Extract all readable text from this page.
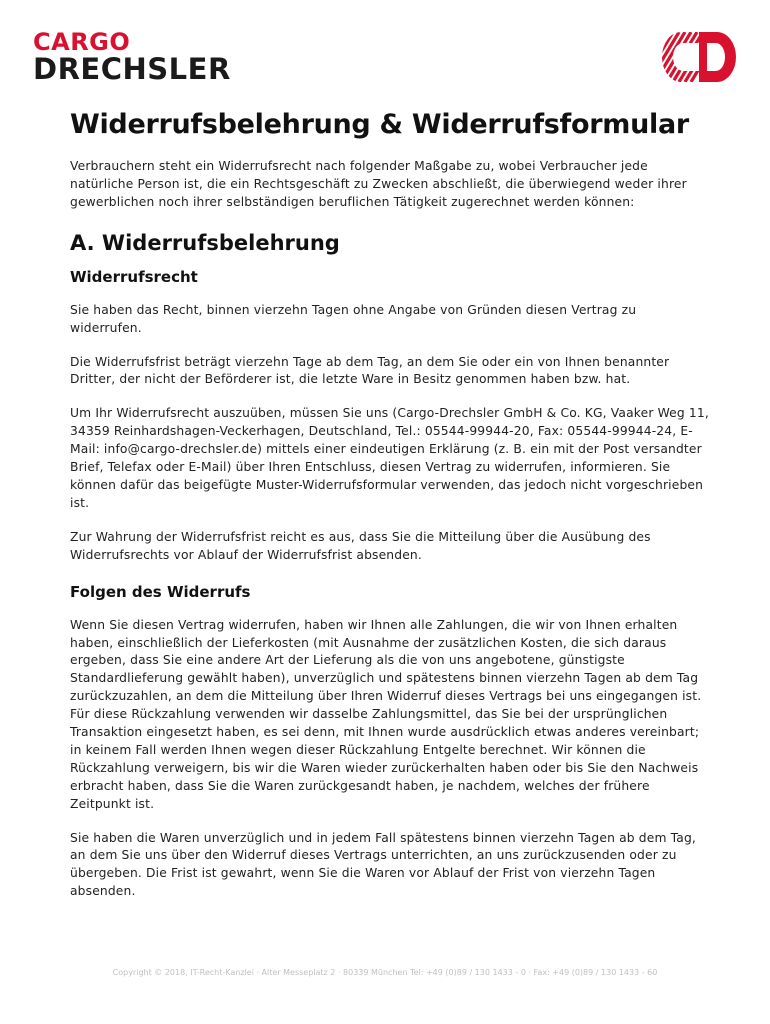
CARGO
DRECHSLER
Widerrufsbelehrung & Widerrufsformular

Verbrauchern steht ein Widerrufsrecht nach folgender Maßgabe zu, wobei Verbraucher jede natürliche Person ist, die ein Rechtsgeschäft zu Zwecken abschließt, die überwiegend weder ihrer gewerblichen noch ihrer selbständigen beruflichen Tätigkeit zugerechnet werden können:

A. Widerrufsbelehrung
Widerrufsrecht

Sie haben das Recht, binnen vierzehn Tagen ohne Angabe von Gründen diesen Vertrag zu widerrufen.

Die Widerrufsfrist beträgt vierzehn Tage ab dem Tag, an dem Sie oder ein von Ihnen benannter Dritter, der nicht der Beförderer ist, die letzte Ware in Besitz genommen haben bzw. hat.

Um Ihr Widerrufsrecht auszuüben, müssen Sie uns (Cargo-Drechsler GmbH & Co. KG, Vaaker Weg 11, 34359 Reinhardshagen-Veckerhagen, Deutschland, Tel.: 05544-99944-20, Fax: 05544-99944-24, E-Mail: info@cargo-drechsler.de) mittels einer eindeutigen Erklärung (z. B. ein mit der Post versandter Brief, Telefax oder E-Mail) über Ihren Entschluss, diesen Vertrag zu widerrufen, informieren. Sie können dafür das beigefügte Muster-Widerrufsformular verwenden, das jedoch nicht vorgeschrieben ist.

Zur Wahrung der Widerrufsfrist reicht es aus, dass Sie die Mitteilung über die Ausübung des Widerrufsrechts vor Ablauf der Widerrufsfrist absenden.

Folgen des Widerrufs

Wenn Sie diesen Vertrag widerrufen, haben wir Ihnen alle Zahlungen, die wir von Ihnen erhalten haben, einschließlich der Lieferkosten (mit Ausnahme der zusätzlichen Kosten, die sich daraus ergeben, dass Sie eine andere Art der Lieferung als die von uns angebotene, günstigste Standardlieferung gewählt haben), unverzüglich und spätestens binnen vierzehn Tagen ab dem Tag zurückzuzahlen, an dem die Mitteilung über Ihren Widerruf dieses Vertrags bei uns eingegangen ist. Für diese Rückzahlung verwenden wir dasselbe Zahlungsmittel, das Sie bei der ursprünglichen Transaktion eingesetzt haben, es sei denn, mit Ihnen wurde ausdrücklich etwas anderes vereinbart; in keinem Fall werden Ihnen wegen dieser Rückzahlung Entgelte berechnet. Wir können die Rückzahlung verweigern, bis wir die Waren wieder zurückerhalten haben oder bis Sie den Nachweis erbracht haben, dass Sie die Waren zurückgesandt haben, je nachdem, welches der frühere Zeitpunkt ist.

Sie haben die Waren unverzüglich und in jedem Fall spätestens binnen vierzehn Tagen ab dem Tag, an dem Sie uns über den Widerruf dieses Vertrags unterrichten, an uns zurückzusenden oder zu übergeben. Die Frist ist gewahrt, wenn Sie die Waren vor Ablauf der Frist von vierzehn Tagen absenden.

Copyright © 2018, IT-Recht-Kanzlei · Alter Messeplatz 2 · 80339 München Tel: +49 (0)89 / 130 1433 - 0 · Fax: +49 (0)89 / 130 1433 - 60
